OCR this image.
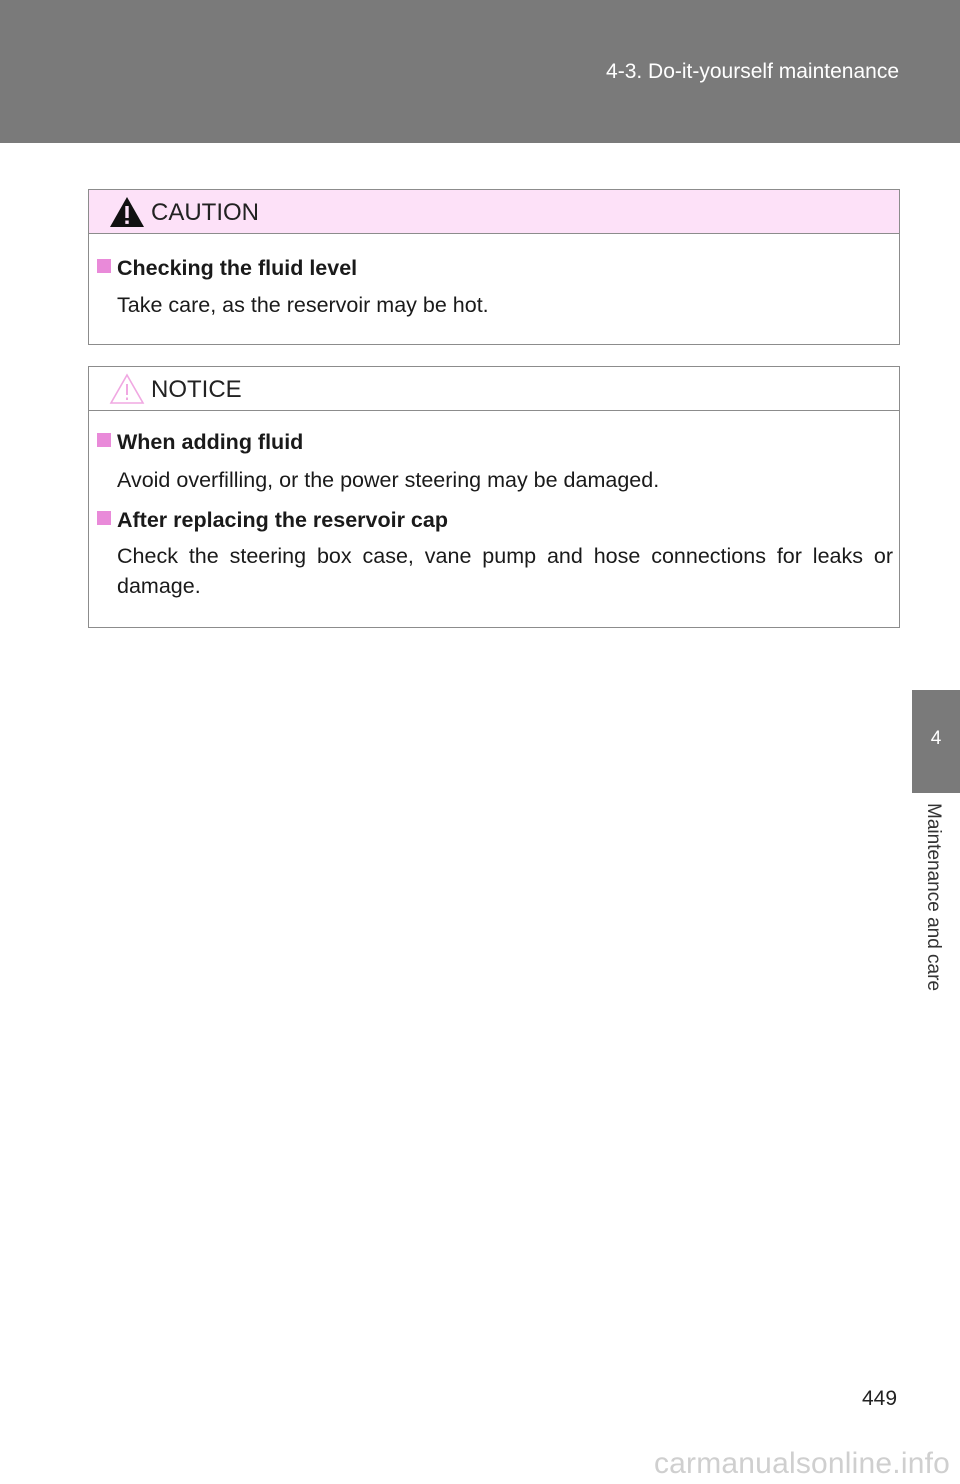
4-3. Do-it-yourself maintenance
4
Maintenance and care
CAUTION
Checking the fluid level
Take care, as the reservoir may be hot.
NOTICE
When adding fluid
Avoid overfilling, or the power steering may be damaged.
After replacing the reservoir cap
Check the steering box case, vane pump and hose connections for leaks or damage.
449
carmanualsonline.info
